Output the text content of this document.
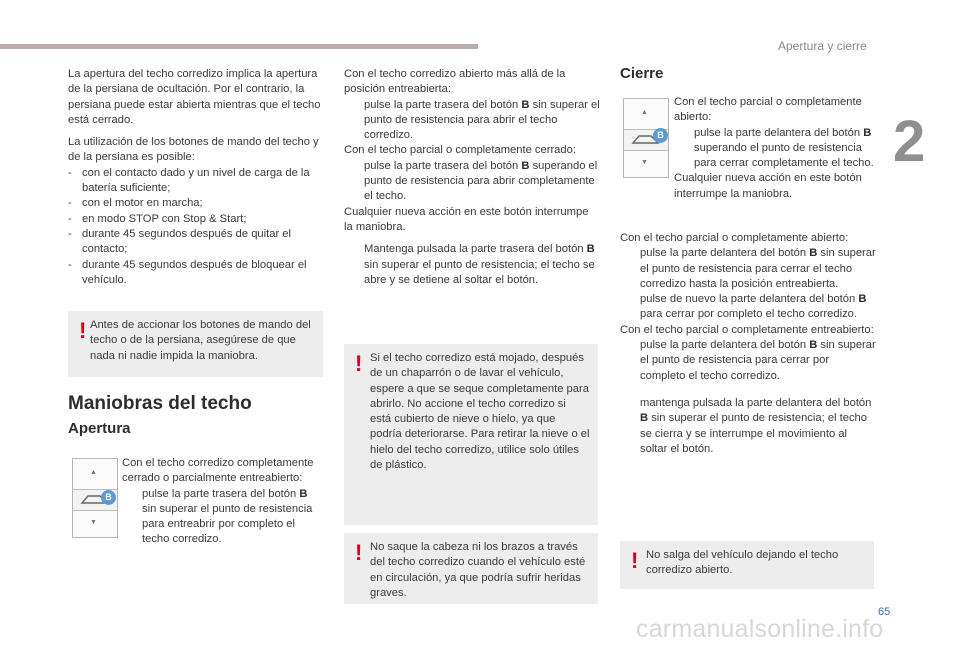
Apertura y cierre
2
65
carmanualsonline.info

La apertura del techo corredizo implica la apertura de la persiana de ocultación. Por el contrario, la persiana puede estar abierta mientras que el techo está cerrado.

La utilización de los botones de mando del techo y de la persiana es posible:

- con el contacto dado y un nivel de carga de la batería suficiente;
- con el motor en marcha;
- en modo STOP con Stop & Start;
- durante 45 segundos después de quitar el contacto;
- durante 45 segundos después de bloquear el vehículo.
! Antes de accionar los botones de mando del techo o de la persiana, asegúrese de que nada ni nadie impida la maniobra.
Maniobras del techo
Apertura
▲
▼
B

Con el techo corredizo completamente cerrado o parcialmente entreabierto:

pulse la parte trasera del botón B sin superar el punto de resistencia para entreabrir por completo el techo corredizo.

Con el techo corredizo abierto más allá de la posición entreabierta:

pulse la parte trasera del botón B sin superar el punto de resistencia para abrir el techo corredizo.

Con el techo parcial o completamente cerrado:

pulse la parte trasera del botón B superando el punto de resistencia para abrir completamente el techo.

Cualquier nueva acción en este botón interrumpe la maniobra.

Mantenga pulsada la parte trasera del botón B sin superar el punto de resistencia; el techo se abre y se detiene al soltar el botón.
! Si el techo corredizo está mojado, después de un chaparrón o de lavar el vehículo, espere a que se seque completamente para abrirlo. No accione el techo corredizo si está cubierto de nieve o hielo, ya que podría deteriorarse. Para retirar la nieve o el hielo del techo corredizo, utilice solo útiles de plástico.
! No saque la cabeza ni los brazos a través del techo corredizo cuando el vehículo esté en circulación, ya que podría sufrir heridas graves.
Cierre
▲
▼
B

Con el techo parcial o completamente abierto:

pulse la parte delantera del botón B superando el punto de resistencia para cerrar completamente el techo.

Cualquier nueva acción en este botón interrumpe la maniobra.

Con el techo parcial o completamente abierto:

pulse la parte delantera del botón B sin superar el punto de resistencia para cerrar el techo corredizo hasta la posición entreabierta.
pulse de nuevo la parte delantera del botón B para cerrar por completo el techo corredizo.

Con el techo parcial o completamente entreabierto:

pulse la parte delantera del botón B sin superar el punto de resistencia para cerrar por completo el techo corredizo.
mantenga pulsada la parte delantera del botón B sin superar el punto de resistencia; el techo se cierra y se interrumpe el movimiento al soltar el botón.
! No salga del vehículo dejando el techo corredizo abierto.
